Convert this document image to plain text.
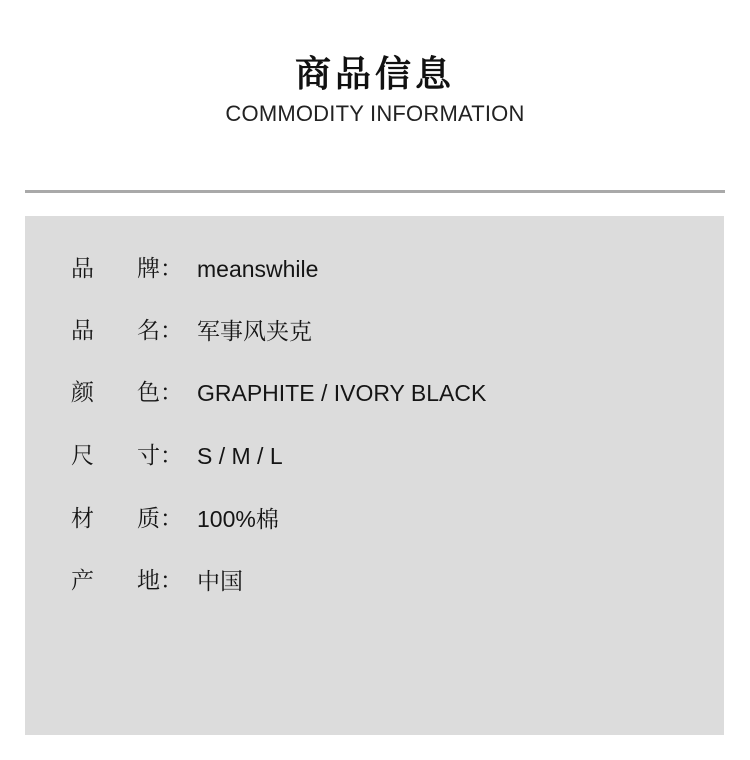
商品信息
COMMODITY INFORMATION
品 牌： meanswhile
品 名： 军事风夹克
颜 色： GRAPHITE / IVORY BLACK
尺 寸： S / M / L
材 质： 100%棉
产 地： 中国
